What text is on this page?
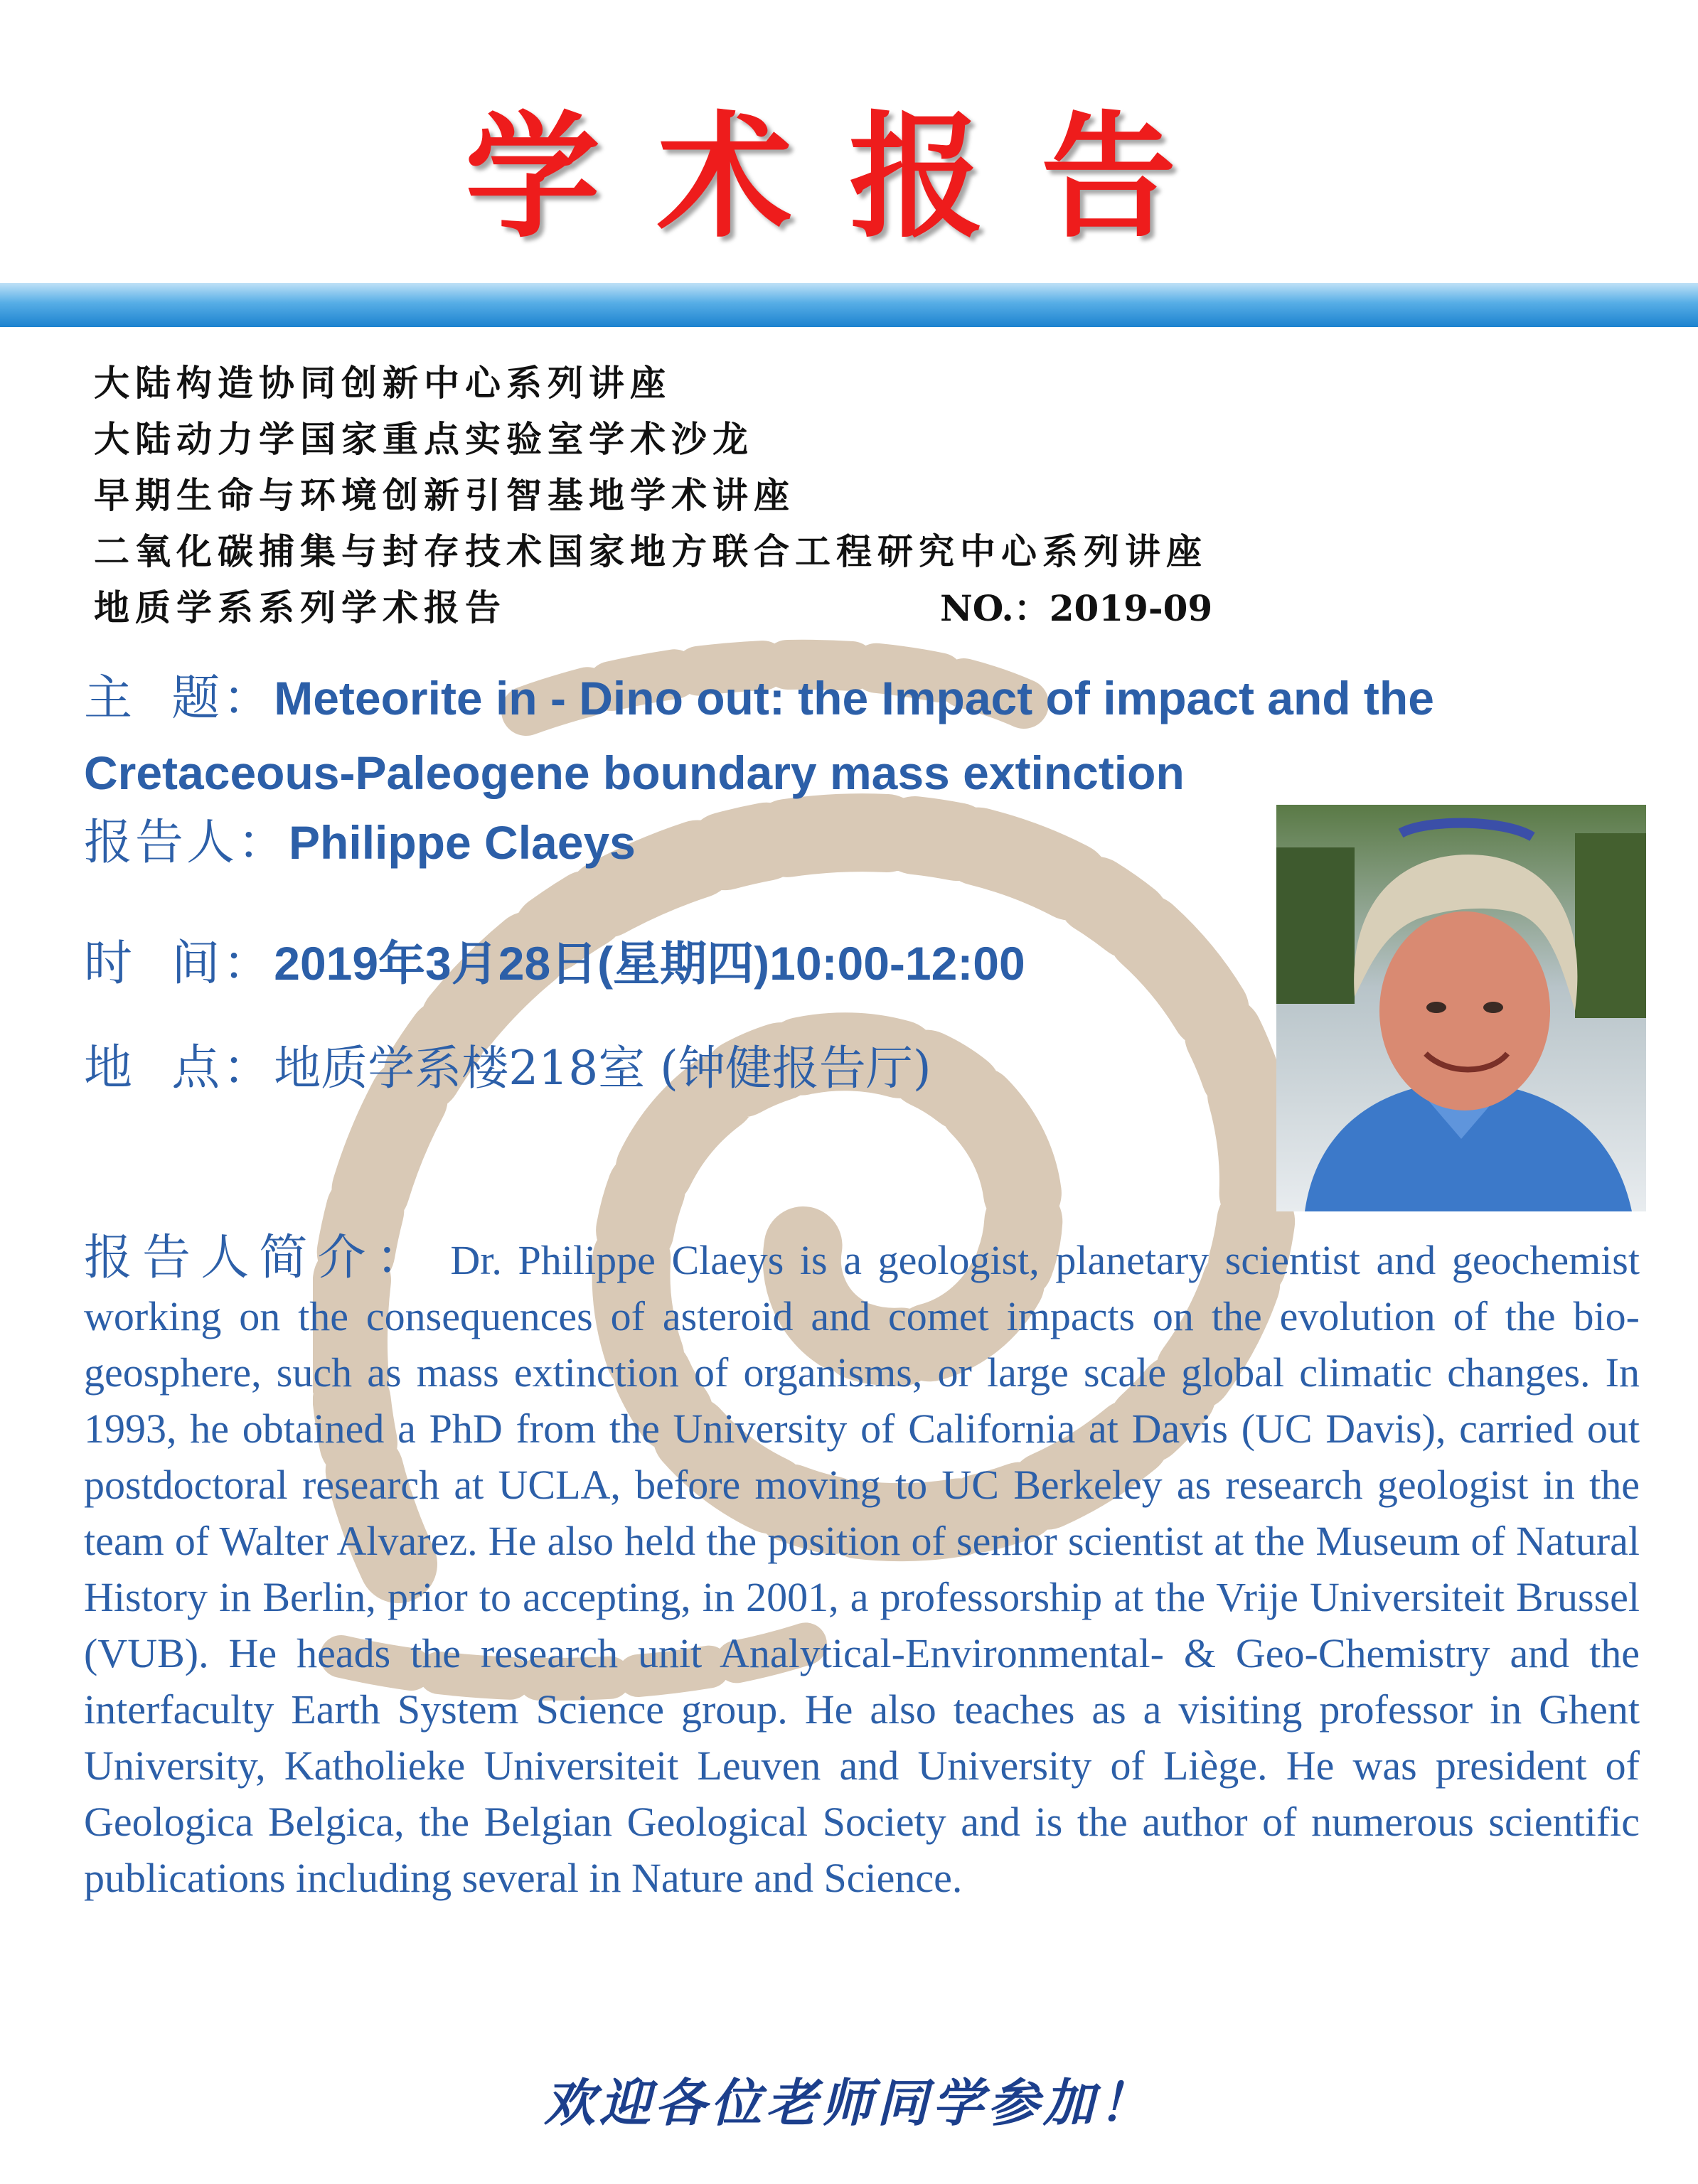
学术报告
大陆构造协同创新中心系列讲座
大陆动力学国家重点实验室学术沙龙
早期生命与环境创新引智基地学术讲座
二氧化碳捕集与封存技术国家地方联合工程研究中心系列讲座
地质学系系列学术报告	NO.：2019-09
主  题：Meteorite in - Dino out: the Impact of impact and the Cretaceous-Paleogene boundary mass extinction
报告人：Philippe Claeys
时  间：2019年3月28日(星期四)10:00-12:00
地  点：地质学系楼218室 (钟健报告厅)
报告人简介： Dr. Philippe Claeys is a geologist, planetary scientist and geochemist working on the consequences of asteroid and comet impacts on the evolution of the bio-geosphere, such as mass extinction of organisms, or large scale global climatic changes. In 1993, he obtained a PhD from the University of California at Davis (UC Davis), carried out postdoctoral research at UCLA, before moving to UC Berkeley as research geologist in the team of Walter Alvarez. He also held the position of senior scientist at the Museum of Natural History in Berlin, prior to accepting, in 2001, a professorship at the Vrije Universiteit Brussel (VUB). He heads the research unit Analytical-Environmental- & Geo-Chemistry and the interfaculty Earth System Science group. He also teaches as a visiting professor in Ghent University, Katholieke Universiteit Leuven and University of Liège. He was president of Geologica Belgica, the Belgian Geological Society and is the author of numerous scientific publications including several in Nature and Science.
欢迎各位老师同学参加！
